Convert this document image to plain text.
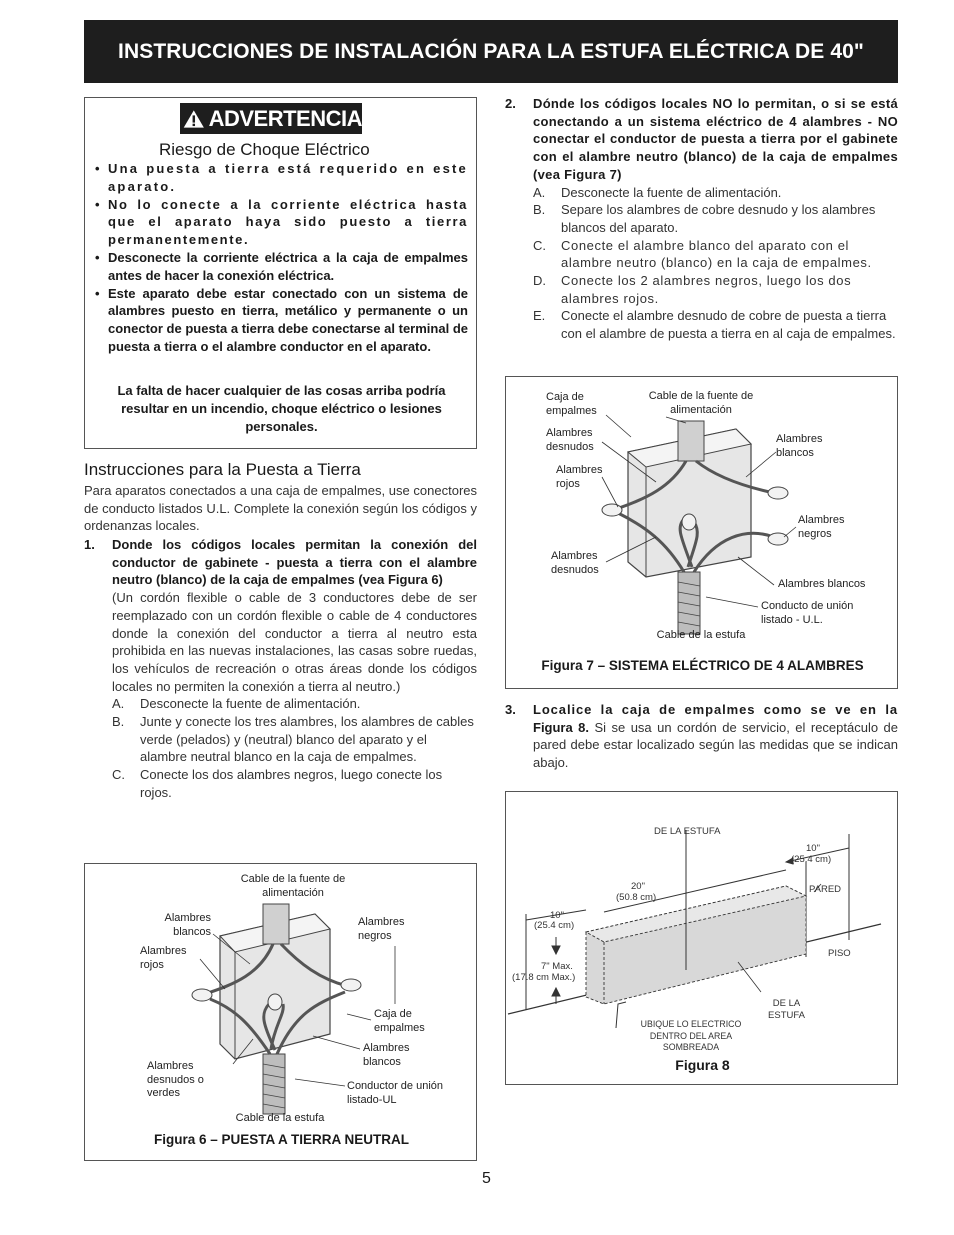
INSTRUCCIONES DE INSTALACIÓN PARA LA ESTUFA ELÉCTRICA DE 40"
ADVERTENCIA
Riesgo de Choque Eléctrico
• Una puesta a tierra está requerido en este aparato.
• No lo conecte a la corriente eléctrica hasta que el aparato haya sido puesto a tierra permanentemente.
• Desconecte la corriente eléctrica a la caja de empalmes antes de hacer la conexión eléctrica.
• Este aparato debe estar conectado con un sistema de alambres puesto en tierra, metálico y permanente o un conector de puesta a tierra debe conectarse al terminal de puesta a tierra o el alambre conductor en el aparato.
La falta de hacer cualquier de las cosas arriba podría resultar en un incendio, choque eléctrico o lesiones personales.
Instrucciones para la Puesta a Tierra
Para aparatos conectados a una caja de empalmes, use conectores de conducto listados U.L. Complete la conexión según los códigos y ordenanzas locales.
1. Donde los códigos locales permitan la conexión del conductor de gabinete - puesta a tierra con el alambre neutro (blanco) de la caja de empalmes (vea Figura 6)
(Un cordón flexible o cable de 3 conductores debe de ser reemplazado con un cordón flexible o cable de 4 conductores donde la conexión del conductor a tierra al neutro esta prohibida en las nuevas instalaciones, las casas sobre ruedas, los vehículos de recreación o otras áreas donde los códigos locales no permiten la conexión a tierra al neutro.)
A. Desconecte la fuente de alimentación.
B. Junte y conecte los tres alambres, los alambres de cables verde (pelados) y (neutral) blanco del aparato y el alambre neutral blanco en la caja de empalmes.
C. Conecte los dos alambres negros, luego conecte los rojos.
Cable de la fuente de alimentación
Alambres blancos
Alambres rojos
Alambres negros
Caja de empalmes
Alambres blancos
Alambres desnudos o verdes
Conductor de unión listado-UL
Cable de la estufa
Figura 6 – PUESTA A TIERRA NEUTRAL
2. Dónde los códigos locales NO lo permitan, o si se está conectando a un sistema eléctrico de 4 alambres - NO conectar el conductor de puesta a tierra por el gabinete con el alambre neutro (blanco) de la caja de empalmes (vea Figura 7)
A. Desconecte la fuente de alimentación.
B. Separe los alambres de cobre desnudo y los alambres blancos del aparato.
C. Conecte el alambre blanco del aparato con el alambre neutro (blanco) en la caja de empalmes.
D. Conecte los 2 alambres negros, luego los dos alambres rojos.
E. Conecte el alambre desnudo de cobre de puesta a tierra con el alambre de puesta a tierra en al caja de empalmes.
Caja de empalmes
Cable de la fuente de alimentación
Alambres desnudos
Alambres blancos
Alambres rojos
Alambres negros
Alambres desnudos
Alambres blancos
Conducto de unión listado - U.L.
Cable de la estufa
Figura 7 – SISTEMA ELÉCTRICO DE 4 ALAMBRES
3.	Localice la caja de empalmes como se ve en la Figura 8. Si se usa un cordón de servicio, el receptáculo de pared debe estar localizado según las medidas que se indican abajo.
DE LA ESTUFA
10"
(25.4 cm)
PARED
20"
(50.8 cm)
10"
(25.4 cm)
7" Max.
(17.8 cm Max.)
PISO
DE LA ESTUFA
UBIQUE LO ELECTRICO DENTRO DEL AREA SOMBREADA
Figura 8
5
